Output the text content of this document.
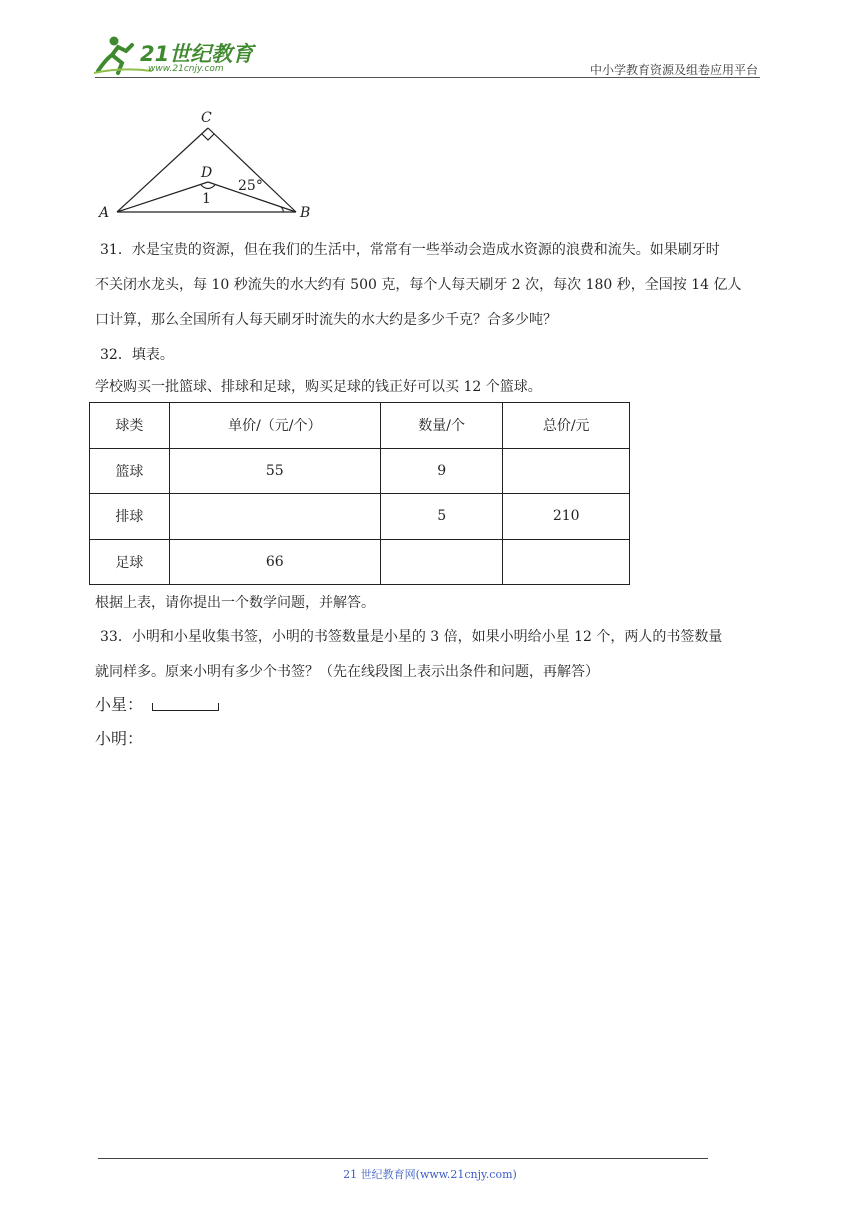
21世纪教育
www.21cnjy.com	中小学教育资源及组卷应用平台
C
D
A	B
1
25°
31．水是宝贵的资源，但在我们的生活中，常常有一些举动会造成水资源的浪费和流失。如果刷牙时
不关闭水龙头，每 10 秒流失的水大约有 500 克，每个人每天刷牙 2 次，每次 180 秒，全国按 14 亿人
口计算，那么全国所有人每天刷牙时流失的水大约是多少千克？合多少吨？
32．填表。
学校购买一批篮球、排球和足球，购买足球的钱正好可以买 12 个篮球。
球类	单价/（元/个）	数量/个	总价/元
篮球	55	9	
排球		5	210
足球	66		
根据上表，请你提出一个数学问题，并解答。
33．小明和小星收集书签，小明的书签数量是小星的 3 倍，如果小明给小星 12 个，两人的书签数量
就同样多。原来小明有多少个书签？（先在线段图上表示出条件和问题，再解答）
小星：
小明：
21 世纪教育网(www.21cnjy.com)
